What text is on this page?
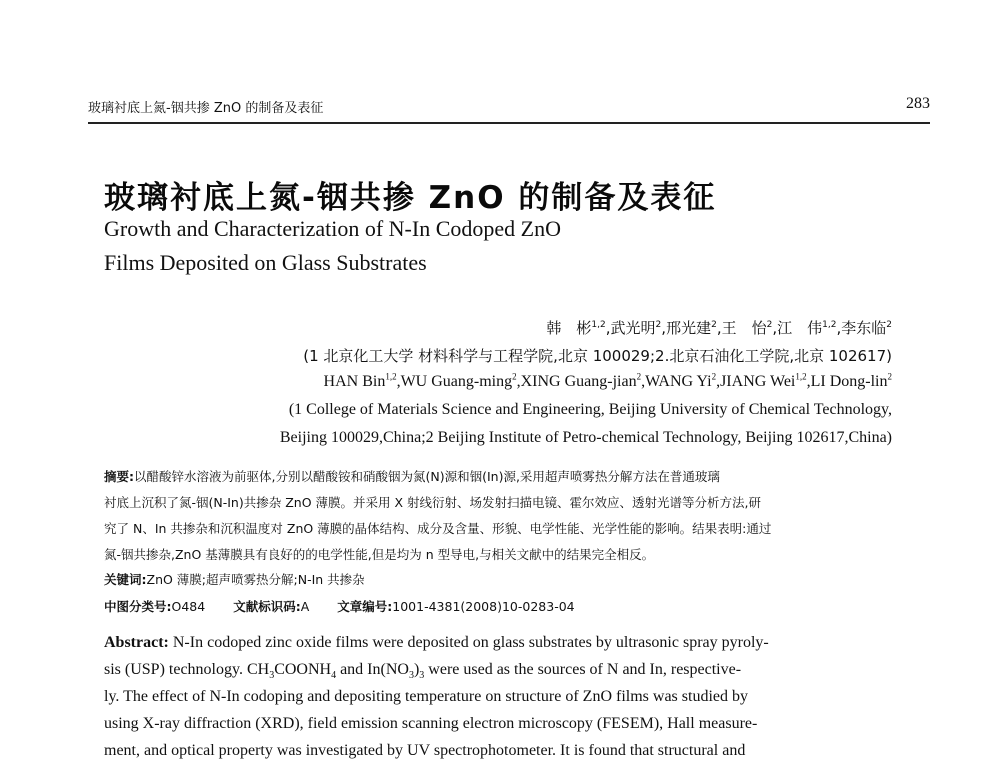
玻璃衬底上氮-铟共掺 ZnO 的制备及表征	283
玻璃衬底上氮-铟共掺 ZnO 的制备及表征
Growth and Characterization of N-In Codoped ZnO
Films Deposited on Glass Substrates
韩　彬$^{1,2}$,武光明$^2$,邢光建$^2$,王　怡$^2$,江　伟$^{1,2}$,李东临$^2$
(1 北京化工大学 材料科学与工程学院,北京 100029;2.北京石油化工学院,北京 102617)
HAN Bin$^{1,2}$,WU Guang-ming$^2$,XING Guang-jian$^2$,WANG Yi$^2$,JIANG Wei$^{1,2}$,LI Dong-lin$^2$
(1 College of Materials Science and Engineering, Beijing University of Chemical Technology,
Beijing 100029,China;2 Beijing Institute of Petro-chemical Technology, Beijing 102617,China)
摘要:以醋酸锌水溶液为前驱体,分别以醋酸铵和硝酸铟为氮(N)源和铟(In)源,采用超声喷雾热分解方法在普通玻璃
衬底上沉积了氮-铟(N-In)共掺杂 ZnO 薄膜。并采用 X 射线衍射、场发射扫描电镜、霍尔效应、透射光谱等分析方法,研
究了 N、In 共掺杂和沉积温度对 ZnO 薄膜的晶体结构、成分及含量、形貌、电学性能、光学性能的影响。结果表明:通过
氮-铟共掺杂,ZnO 基薄膜具有良好的的电学性能,但是均为 n 型导电,与相关文献中的结果完全相反。
关键词:ZnO 薄膜;超声喷雾热分解;N-In 共掺杂
中图分类号:O484 文献标识码:A 文章编号:1001-4381(2008)10-0283-04
Abstract: N-In codoped zinc oxide films were deposited on glass substrates by ultrasonic spray pyroly-
sis (USP) technology. $CH_3COONH_4$ and $In(NO_3)_3$ were used as the sources of N and In, respective-
ly. The effect of N-In codoping and depositing temperature on structure of ZnO films was studied by
using X-ray diffraction (XRD), field emission scanning electron microscopy (FESEM), Hall measure-
ment, and optical property was investigated by UV spectrophotometer. It is found that structural and
